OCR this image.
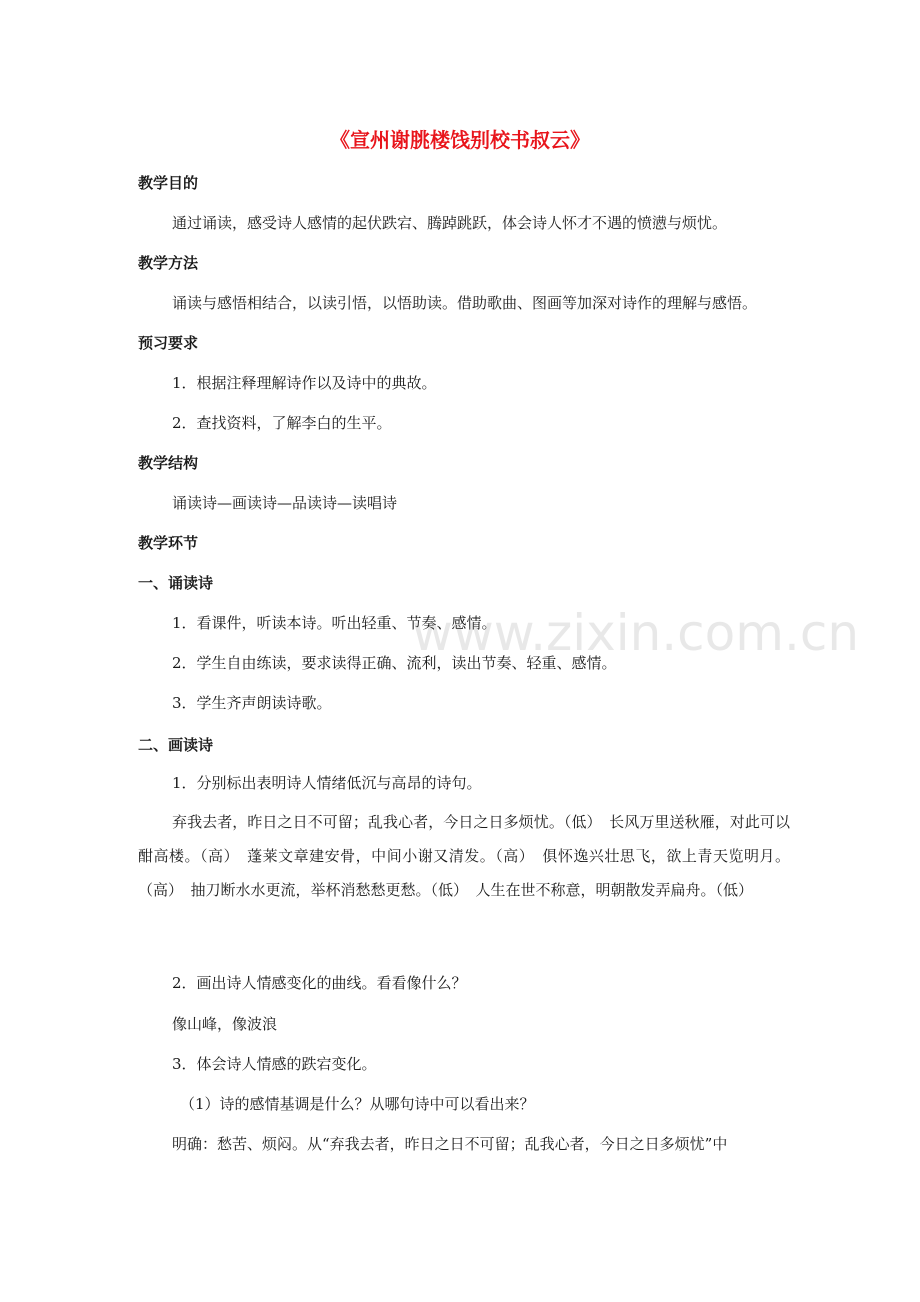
《宣州谢朓楼饯别校书叔云》
教学目的
通过诵读，感受诗人感情的起伏跌宕、腾踔跳跃，体会诗人怀才不遇的愤懑与烦忧。
教学方法
诵读与感悟相结合，以读引悟，以悟助读。借助歌曲、图画等加深对诗作的理解与感悟。
预习要求
1．根据注释理解诗作以及诗中的典故。
2．查找资料，了解李白的生平。
教学结构
诵读诗—画读诗—品读诗—读唱诗
教学环节
一、诵读诗
1．看课件，听读本诗。听出轻重、节奏、感情。
2．学生自由练读，要求读得正确、流利，读出节奏、轻重、感情。
3．学生齐声朗读诗歌。
二、画读诗
1．分别标出表明诗人情绪低沉与高昂的诗句。
弃我去者，昨日之日不可留；乱我心者，今日之日多烦忧。（低）　长风万里送秋雁，对此可以酣高楼。（高）　蓬莱文章建安骨，中间小谢又清发。（高）　俱怀逸兴壮思飞，欲上青天览明月。（高）　抽刀断水水更流，举杯消愁愁更愁。（低）　人生在世不称意，明朝散发弄扁舟。（低）
2．画出诗人情感变化的曲线。看看像什么？
像山峰，像波浪
3．体会诗人情感的跌宕变化。
（1）诗的感情基调是什么？从哪句诗中可以看出来？
明确：愁苦、烦闷。从“弃我去者，昨日之日不可留；乱我心者，今日之日多烦忧”中
www.zixin.com.cn
